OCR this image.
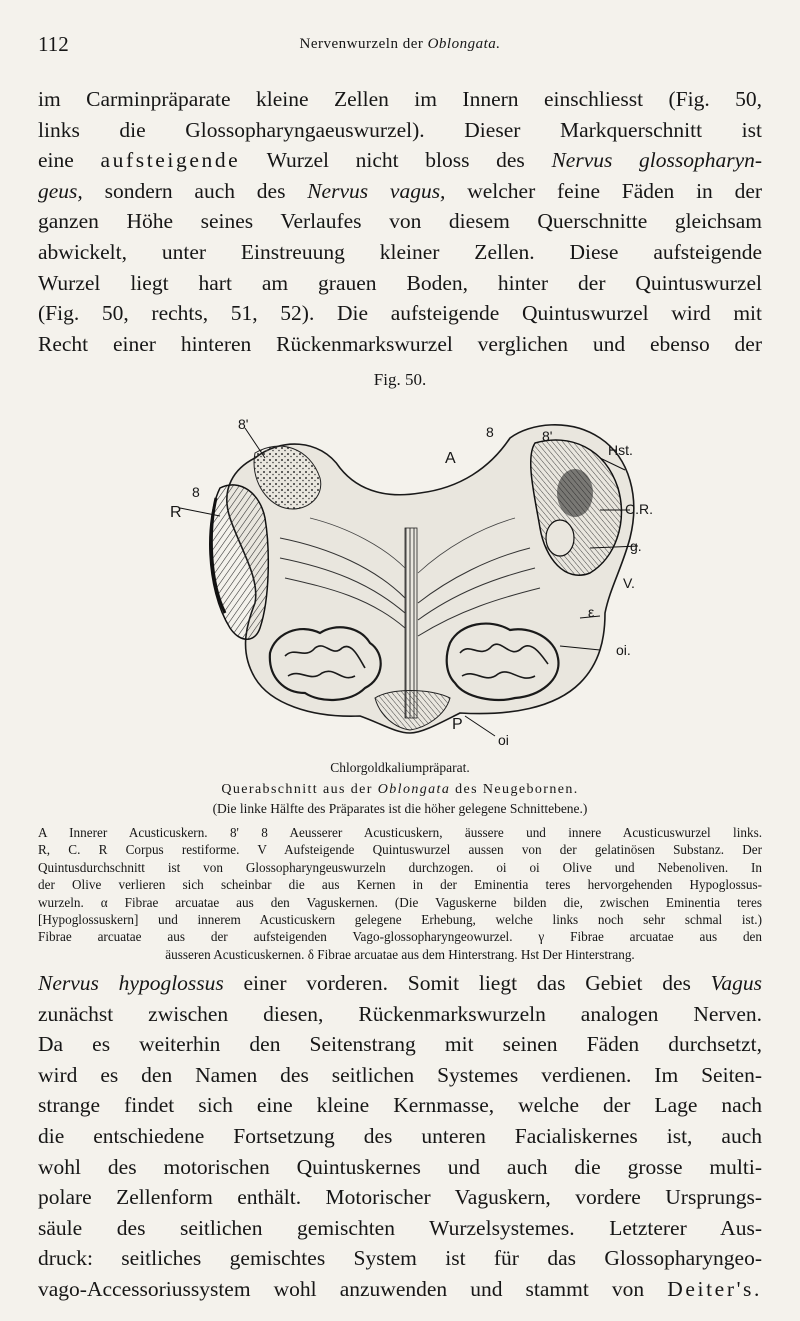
112	Nervenwurzeln der Oblongata.
im Carminpräparate kleine Zellen im Innern einschliesst (Fig. 50,
links die Glossopharyngaeuswurzel). Dieser Markquerschnitt ist
eine aufsteigende Wurzel nicht bloss des Nervus glossopharyn-
geus, sondern auch des Nervus vagus, welcher feine Fäden in der
ganzen Höhe seines Verlaufes von diesem Querschnitte gleichsam
abwickelt, unter Einstreuung kleiner Zellen. Diese aufsteigende
Wurzel liegt hart am grauen Boden, hinter der Quintuswurzel
(Fig. 50, rechts, 51, 52). Die aufsteigende Quintuswurzel wird mit
Recht einer hinteren Rückenmarkswurzel verglichen und ebenso der
Fig. 50.
8'
A
8	8'
Hst.
8
R	C.R.
g.
V.
ε
oi.
P
oi
Chlorgoldkaliumpräparat.
Querabschnitt aus der Oblongata des Neugebornen.
(Die linke Hälfte des Präparates ist die höher gelegene Schnittebene.)
A Innerer Acusticuskern. 8' 8 Aeusserer Acusticuskern, äussere und innere Acusticuswurzel links.
R, C. R Corpus restiforme. V Aufsteigende Quintuswurzel aussen von der gelatinösen Substanz. Der
Quintusdurchschnitt ist von Glossopharyngeuswurzeln durchzogen. oi oi Olive und Nebenoliven. In
der Olive verlieren sich scheinbar die aus Kernen in der Eminentia teres hervorgehenden Hypoglossus-
wurzeln. α Fibrae arcuatae aus den Vaguskernen. (Die Vaguskerne bilden die, zwischen Eminentia teres
[Hypoglossuskern] und innerem Acusticuskern gelegene Erhebung, welche links noch sehr schmal ist.)
Fibrae arcuatae aus der aufsteigenden Vago-glossopharyngeowurzel. γ Fibrae arcuatae aus den
äusseren Acusticuskernen. δ Fibrae arcuatae aus dem Hinterstrang. Hst Der Hinterstrang.
Nervus hypoglossus einer vorderen. Somit liegt das Gebiet des Vagus
zunächst zwischen diesen, Rückenmarkswurzeln analogen Nerven.
Da es weiterhin den Seitenstrang mit seinen Fäden durchsetzt,
wird es den Namen des seitlichen Systemes verdienen. Im Seiten-
strange findet sich eine kleine Kernmasse, welche der Lage nach
die entschiedene Fortsetzung des unteren Facialiskernes ist, auch
wohl des motorischen Quintuskernes und auch die grosse multi-
polare Zellenform enthält. Motorischer Vaguskern, vordere Ursprungs-
säule des seitlichen gemischten Wurzelsystemes. Letzterer Aus-
druck: seitliches gemischtes System ist für das Glossopharyngeo-
vago-Accessoriussystem wohl anzuwenden und stammt von Deiter's.
